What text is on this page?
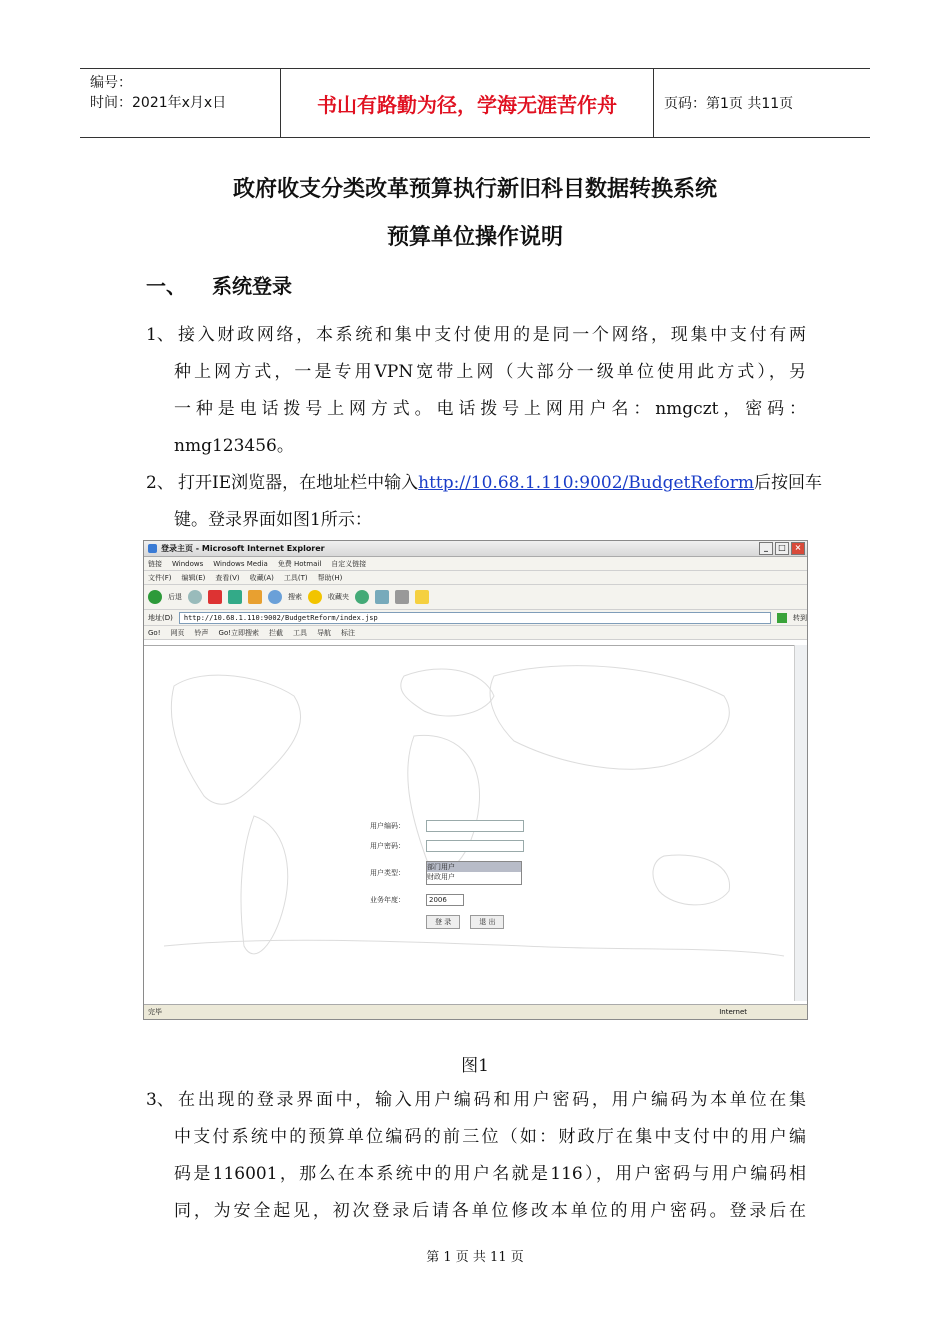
编号：
时间：2021年x月x日	书山有路勤为径，学海无涯苦作舟	页码：第1页 共11页
政府收支分类改革预算执行新旧科目数据转换系统
预算单位操作说明
一、 系统登录
1、 接入财政网络，本系统和集中支付使用的是同一个网络，现集中支付有两
种上网方式，一是专用VPN宽带上网（大部分一级单位使用此方式），另
一种是电话拨号上网方式。电话拨号上网用户名：nmgczt，密码：
nmg123456。
2、 打开IE浏览器，在地址栏中输入http://10.68.1.110:9002/BudgetReform后按回车
键。登录界面如图1所示：
登录主页 - Microsoft Internet Explorer	_	□	×
链接 Windows Windows Media 免费 Hotmail 自定义链接
文件(F) 编辑(E) 查看(V) 收藏(A) 工具(T) 帮助(H)
后退	搜索	收藏夹
地址(D)	http://10.68.1.110:9002/BudgetReform/index.jsp	转到
Go! 网页 铃声 Go!立即搜索 拦截 工具 导航 标注
用户编码：
用户密码：
用户类型：
部门用户
财政用户
业务年度：	2006
登 录	退 出
完毕	Internet
图1
3、 在出现的登录界面中，输入用户编码和用户密码，用户编码为本单位在集
中支付系统中的预算单位编码的前三位（如：财政厅在集中支付中的用户编
码是116001，那么在本系统中的用户名就是116），用户密码与用户编码相
同，为安全起见，初次登录后请各单位修改本单位的用户密码。登录后在
第 1 页 共 11 页
